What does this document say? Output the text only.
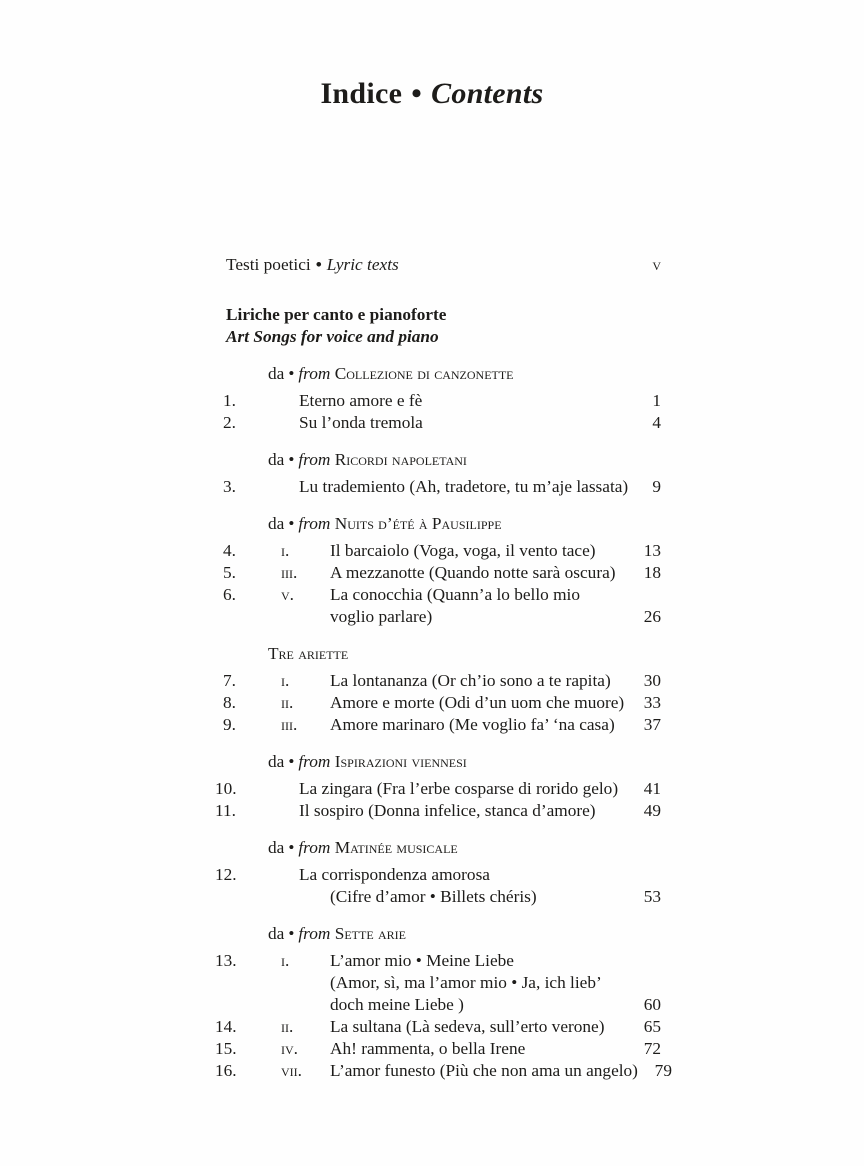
Indice • Contents
Testi poetici • Lyric texts	v
Liriche per canto e pianoforte
Art Songs for voice and piano
da • from Collezione di canzonette
1.	Eterno amore e fè	1
2.	Su l’onda tremola	4
da • from Ricordi napoletani
3.	Lu trademiento (Ah, tradetore, tu m’aje lassata)	9
da • from Nuits d’été à Pausilippe
4.	i.	Il barcaiolo (Voga, voga, il vento tace)	13
5.	iii.	A mezzanotte (Quando notte sarà oscura)	18
6.	v.	La conocchia (Quann’a lo bello mio
voglio parlare)	26
Tre ariette
7.	i.	La lontananza (Or ch’io sono a te rapita)	30
8.	ii.	Amore e morte (Odi d’un uom che muore)	33
9.	iii.	Amore marinaro (Me voglio fa’ ‘na casa)	37
da • from Ispirazioni viennesi
10.	La zingara (Fra l’erbe cosparse di rorido gelo)	41
11.	Il sospiro (Donna infelice, stanca d’amore)	49
da • from Matinée musicale
12.	La corrispondenza amorosa
(Cifre d’amor • Billets chéris)	53
da • from Sette arie
13.	i.	L’amor mio • Meine Liebe
(Amor, sì, ma l’amor mio • Ja, ich lieb’
doch meine Liebe )	60
14.	ii.	La sultana (Là sedeva, sull’erto verone)	65
15.	iv.	Ah! rammenta, o bella Irene	72
16.	vii.	L’amor funesto (Più che non ama un angelo) 79
